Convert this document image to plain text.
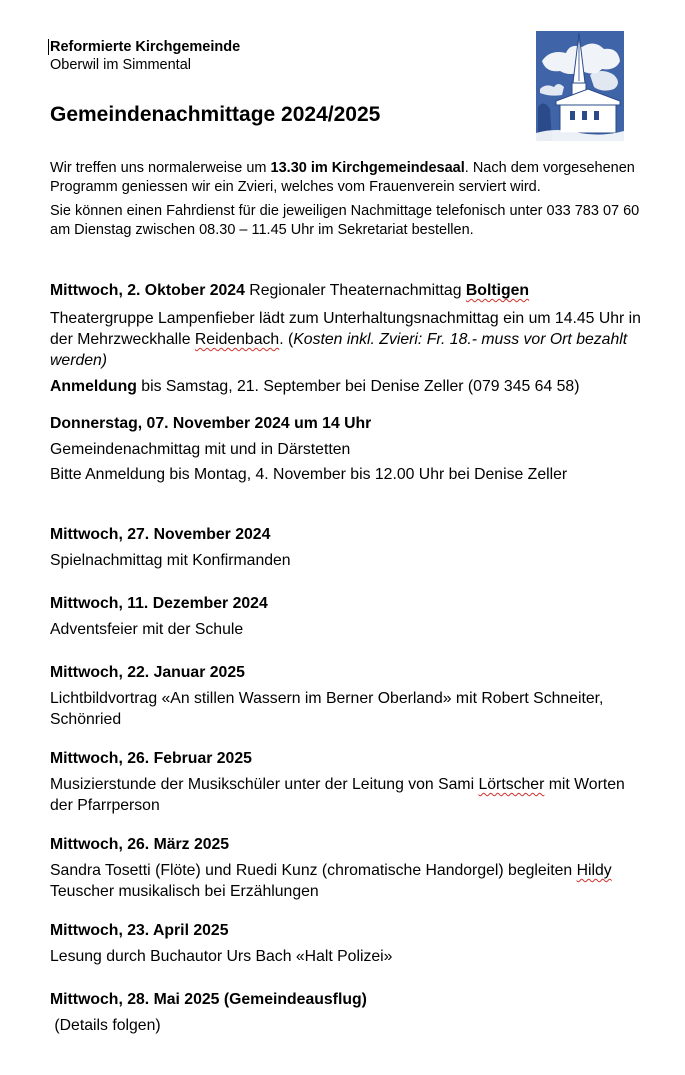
Reformierte Kirchgemeinde

Oberwil im Simmental

Gemeindenachmittage 2024/2025

Wir treffen uns normalerweise um 13.30 im Kirchgemeindesaal. Nach dem vorgesehenen Programm geniessen wir ein Zvieri, welches vom Frauenverein serviert wird.

Sie können einen Fahrdienst für die jeweiligen Nachmittage telefonisch unter 033 783 07 60 am Dienstag zwischen 08.30 – 11.45 Uhr im Sekretariat bestellen.

Mittwoch, 2. Oktober 2024 Regionaler Theaternachmittag Boltigen

Theatergruppe Lampenfieber lädt zum Unterhaltungsnachmittag ein um 14.45 Uhr in der Mehrzweckhalle Reidenbach. (Kosten inkl. Zvieri: Fr. 18.- muss vor Ort bezahlt werden)

Anmeldung bis Samstag, 21. September bei Denise Zeller (079 345 64 58)

Donnerstag, 07. November 2024 um 14 Uhr

Gemeindenachmittag mit und in Därstetten

Bitte Anmeldung bis Montag, 4. November bis 12.00 Uhr bei Denise Zeller

Mittwoch, 27. November 2024

Spielnachmittag mit Konfirmanden

Mittwoch, 11. Dezember 2024

Adventsfeier mit der Schule

Mittwoch, 22. Januar 2025

Lichtbildvortrag «An stillen Wassern im Berner Oberland» mit Robert Schneiter, Schönried

Mittwoch, 26. Februar 2025

Musizierstunde der Musikschüler unter der Leitung von Sami Lörtscher mit Worten der Pfarrperson

Mittwoch, 26. März 2025

Sandra Tosetti (Flöte) und Ruedi Kunz (chromatische Handorgel) begleiten Hildy Teuscher musikalisch bei Erzählungen

Mittwoch, 23. April 2025

Lesung durch Buchautor Urs Bach «Halt Polizei»

Mittwoch, 28. Mai 2025 (Gemeindeausflug)

(Details folgen)
